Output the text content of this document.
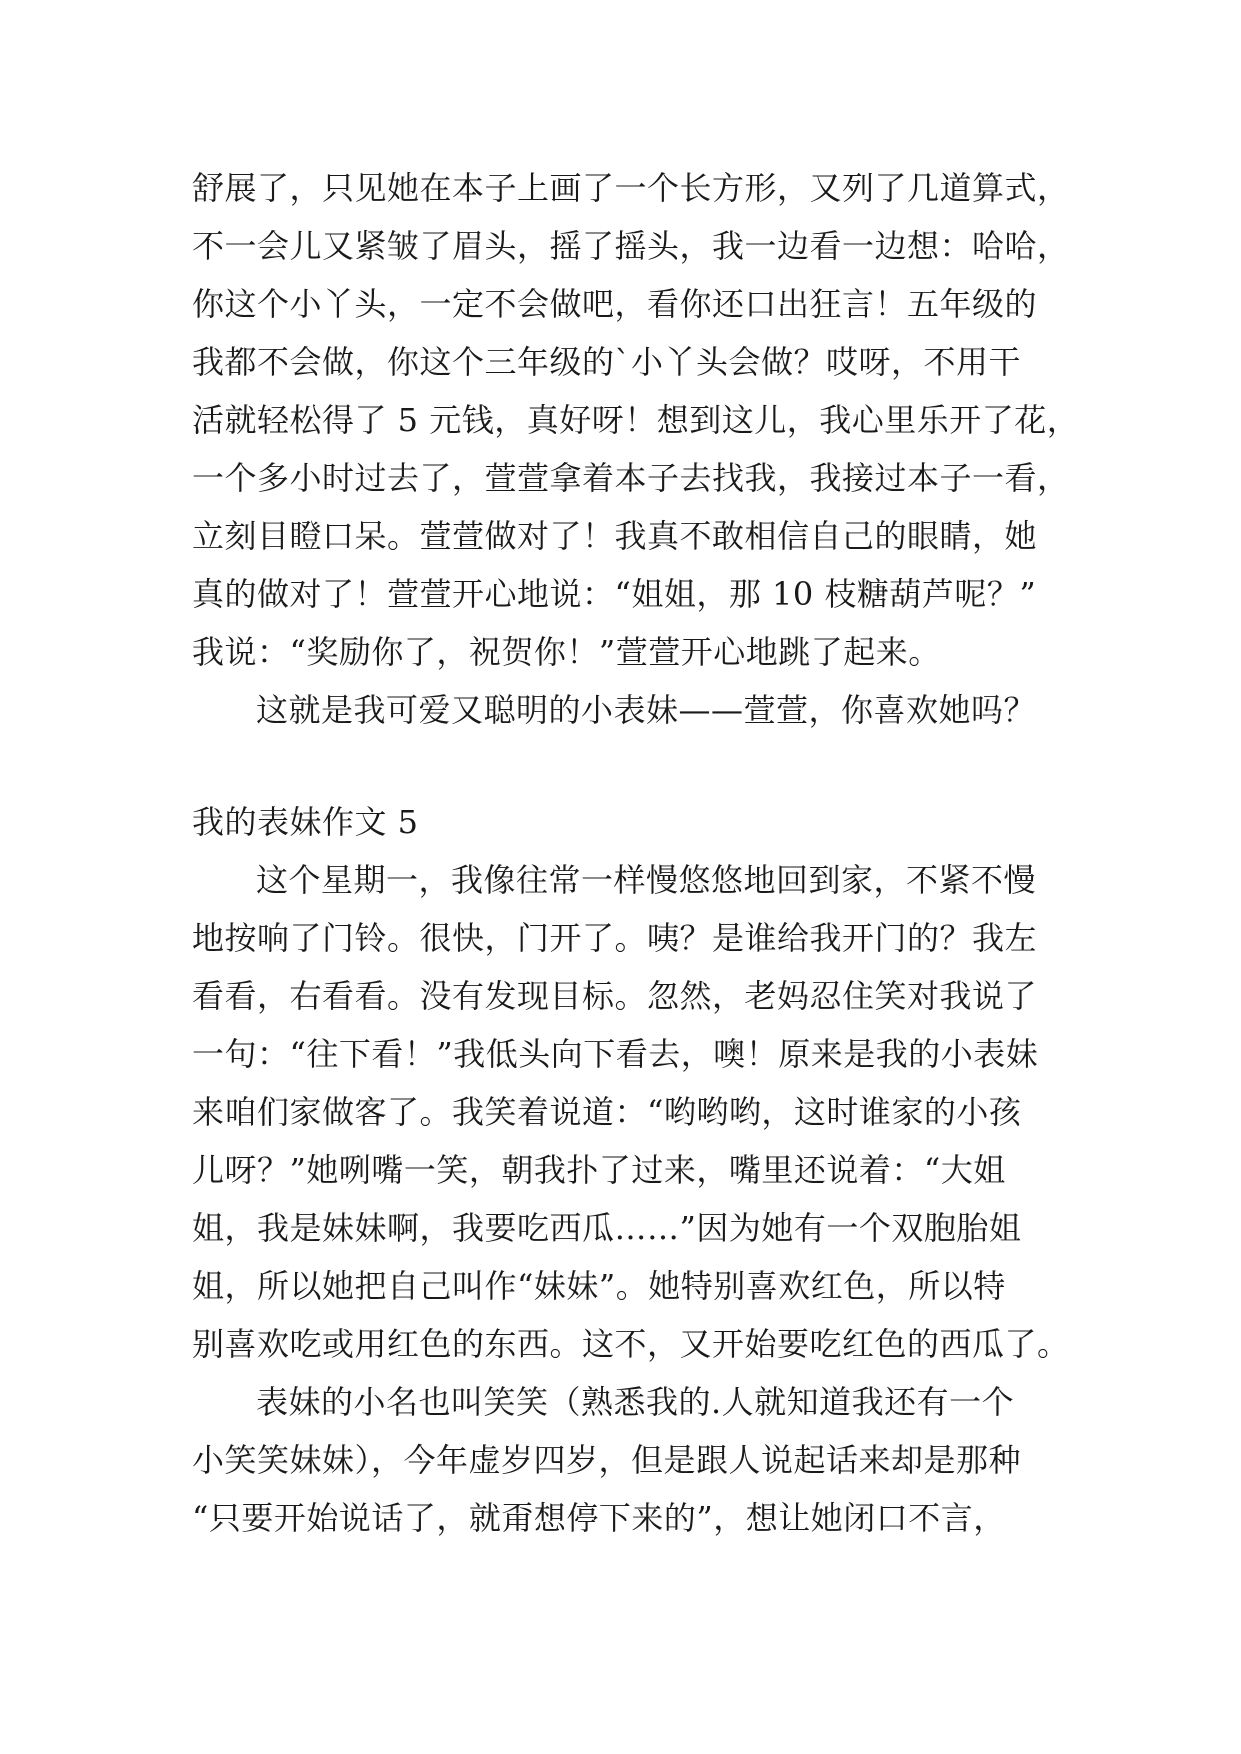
舒展了，只见她在本子上画了一个长方形，又列了几道算式，
不一会儿又紧皱了眉头，摇了摇头，我一边看一边想：哈哈，
你这个小丫头，一定不会做吧，看你还口出狂言！五年级的
我都不会做，你这个三年级的`小丫头会做？哎呀，不用干
活就轻松得了 5 元钱，真好呀！想到这儿，我心里乐开了花，
一个多小时过去了，萱萱拿着本子去找我，我接过本子一看，
立刻目瞪口呆。萱萱做对了！我真不敢相信自己的眼睛，她
真的做对了！萱萱开心地说：“姐姐，那 10 枝糖葫芦呢？”
我说：“奖励你了，祝贺你！”萱萱开心地跳了起来。
这就是我可爱又聪明的小表妹——萱萱，你喜欢她吗？
我的表妹作文 5
这个星期一，我像往常一样慢悠悠地回到家，不紧不慢
地按响了门铃。很快，门开了。咦？是谁给我开门的？我左
看看，右看看。没有发现目标。忽然，老妈忍住笑对我说了
一句：“往下看！”我低头向下看去，噢！原来是我的小表妹
来咱们家做客了。我笑着说道：“哟哟哟，这时谁家的小孩
儿呀？”她咧嘴一笑，朝我扑了过来，嘴里还说着：“大姐
姐，我是妹妹啊，我要吃西瓜……”因为她有一个双胞胎姐
姐，所以她把自己叫作“妹妹”。她特别喜欢红色，所以特
别喜欢吃或用红色的东西。这不，又开始要吃红色的西瓜了。
表妹的小名也叫笑笑（熟悉我的.人就知道我还有一个
小笑笑妹妹），今年虚岁四岁，但是跟人说起话来却是那种
“只要开始说话了，就甭想停下来的”，想让她闭口不言，
